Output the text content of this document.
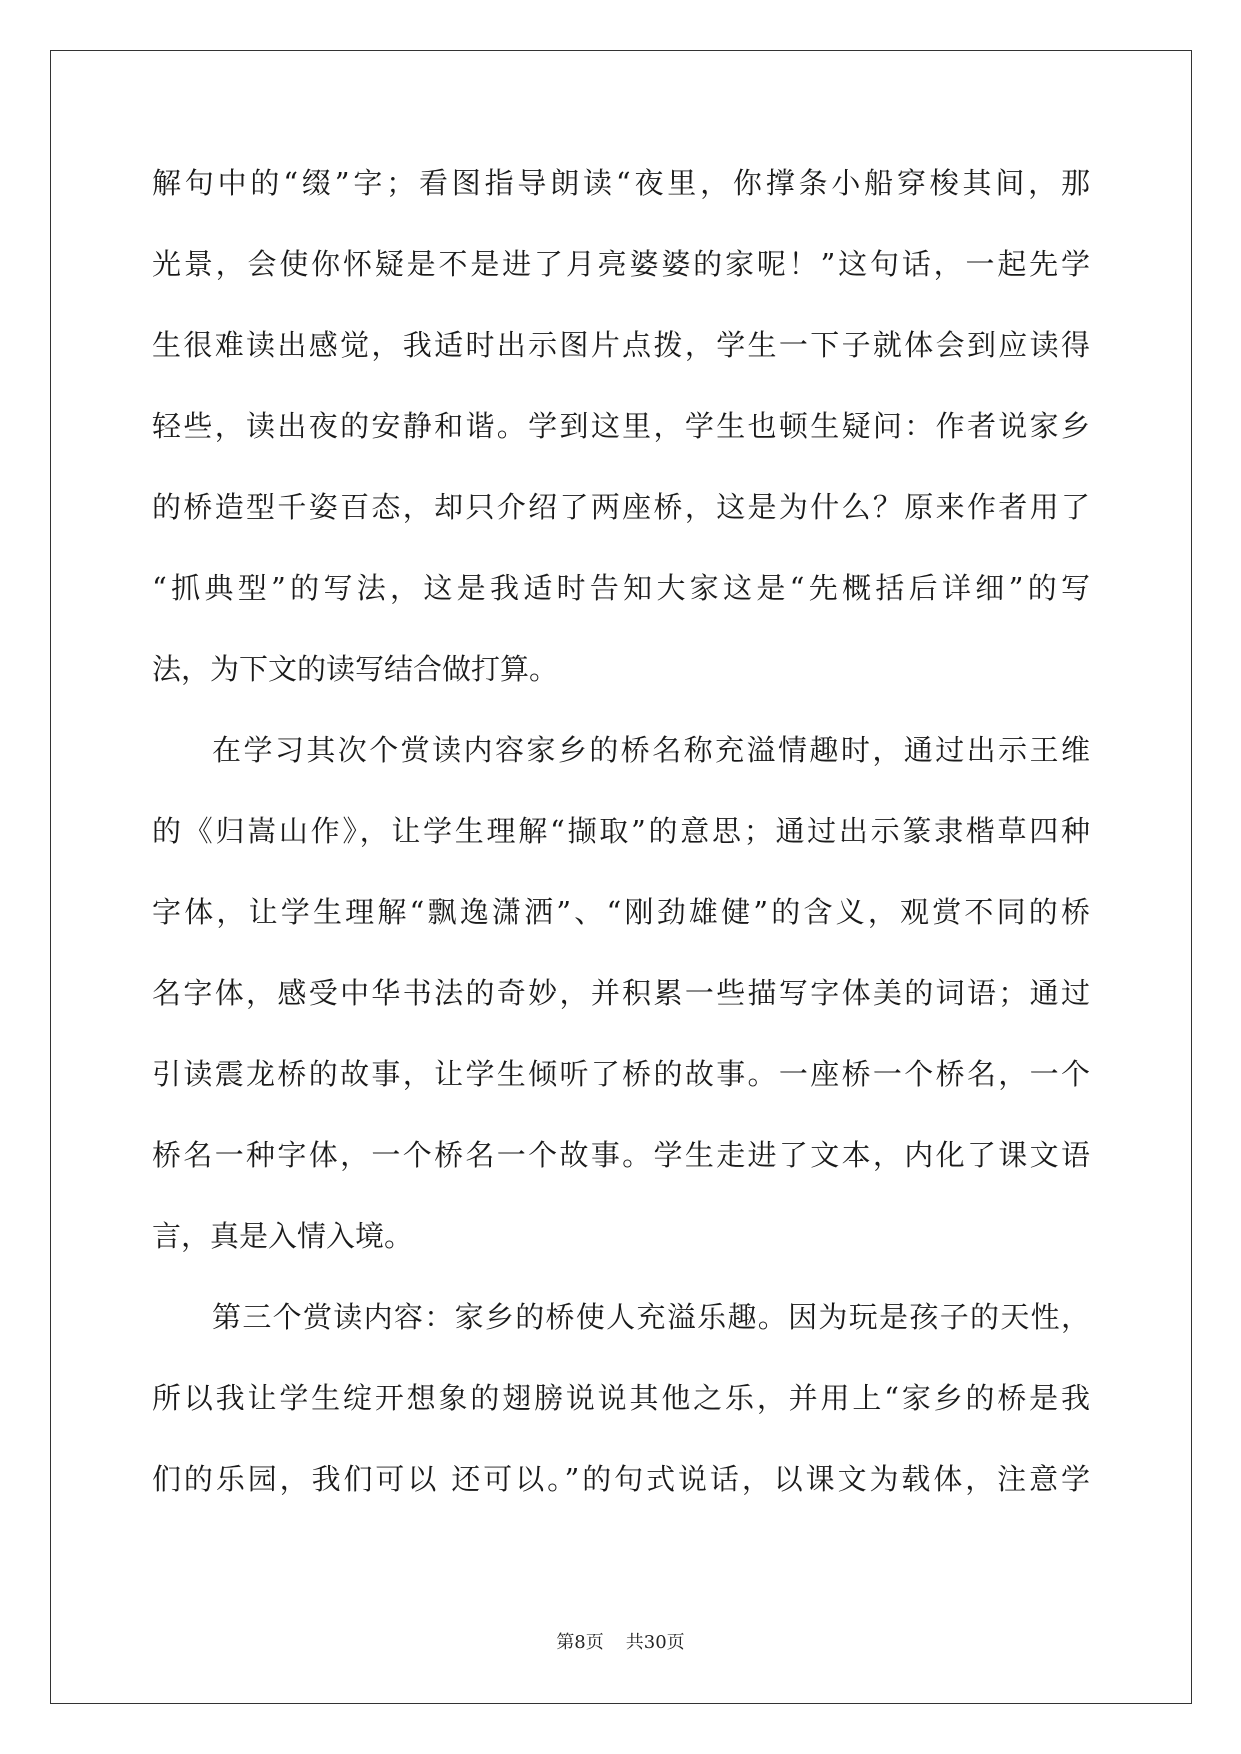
解句中的“缀”字；看图指导朗读“夜里，你撑条小船穿梭其间，那
光景，会使你怀疑是不是进了月亮婆婆的家呢！”这句话，一起先学
生很难读出感觉，我适时出示图片点拨，学生一下子就体会到应读得
轻些，读出夜的安静和谐。学到这里，学生也顿生疑问：作者说家乡
的桥造型千姿百态，却只介绍了两座桥，这是为什么？原来作者用了
“抓典型”的写法，这是我适时告知大家这是“先概括后详细”的写
法，为下文的读写结合做打算。
在学习其次个赏读内容家乡的桥名称充溢情趣时，通过出示王维
的《归嵩山作》，让学生理解“撷取”的意思；通过出示篆隶楷草四种
字体，让学生理解“飘逸潇洒”、“刚劲雄健”的含义，观赏不同的桥
名字体，感受中华书法的奇妙，并积累一些描写字体美的词语；通过
引读震龙桥的故事，让学生倾听了桥的故事。一座桥一个桥名，一个
桥名一种字体，一个桥名一个故事。学生走进了文本，内化了课文语
言，真是入情入境。
第三个赏读内容：家乡的桥使人充溢乐趣。因为玩是孩子的天性，
所以我让学生绽开想象的翅膀说说其他之乐，并用上“家乡的桥是我
们的乐园，我们可以 还可以。”的句式说话，以课文为载体，注意学
第8页 共30页
